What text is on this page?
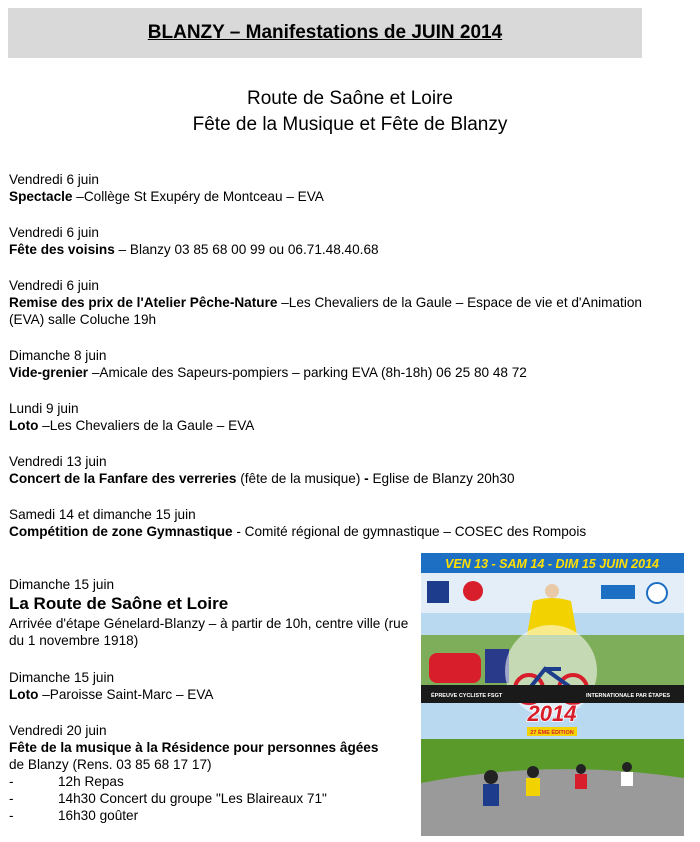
BLANZY – Manifestations de JUIN 2014
Route de Saône et Loire
Fête de la Musique et Fête de Blanzy
Vendredi 6 juin
Spectacle –Collège St Exupéry de Montceau – EVA
Vendredi 6 juin
Fête des voisins – Blanzy 03 85 68 00 99 ou 06.71.48.40.68
Vendredi 6 juin
Remise des prix de l'Atelier Pêche-Nature –Les Chevaliers de la Gaule – Espace de vie et d'Animation (EVA) salle Coluche 19h
Dimanche 8 juin
Vide-grenier –Amicale des Sapeurs-pompiers – parking EVA (8h-18h) 06 25 80 48 72
Lundi 9 juin
Loto –Les Chevaliers de la Gaule – EVA
Vendredi 13 juin
Concert de la Fanfare des verreries (fête de la musique) - Eglise de Blanzy 20h30
Samedi 14 et dimanche 15 juin
Compétition de zone Gymnastique - Comité régional de gymnastique – COSEC des Rompois
Dimanche 15 juin
La Route de Saône et Loire
Arrivée d'étape Génelard-Blanzy – à partir de 10h, centre ville (rue du 1 novembre 1918)
Dimanche 15 juin
Loto –Paroisse Saint-Marc – EVA
Vendredi 20 juin
Fête de la musique à la Résidence pour personnes âgées de Blanzy (Rens. 03 85 68 17 17)
-	12h Repas
-	14h30 Concert du groupe "Les Blaireaux 71"
-	16h30 goûter
VEN 13 - SAM 14 - DIM 15 JUIN 2014
ÉPREUVE CYCLISTE FSGT	INTERNATIONALE PAR ÉTAPES
2014
27 ÈME ÉDITION
